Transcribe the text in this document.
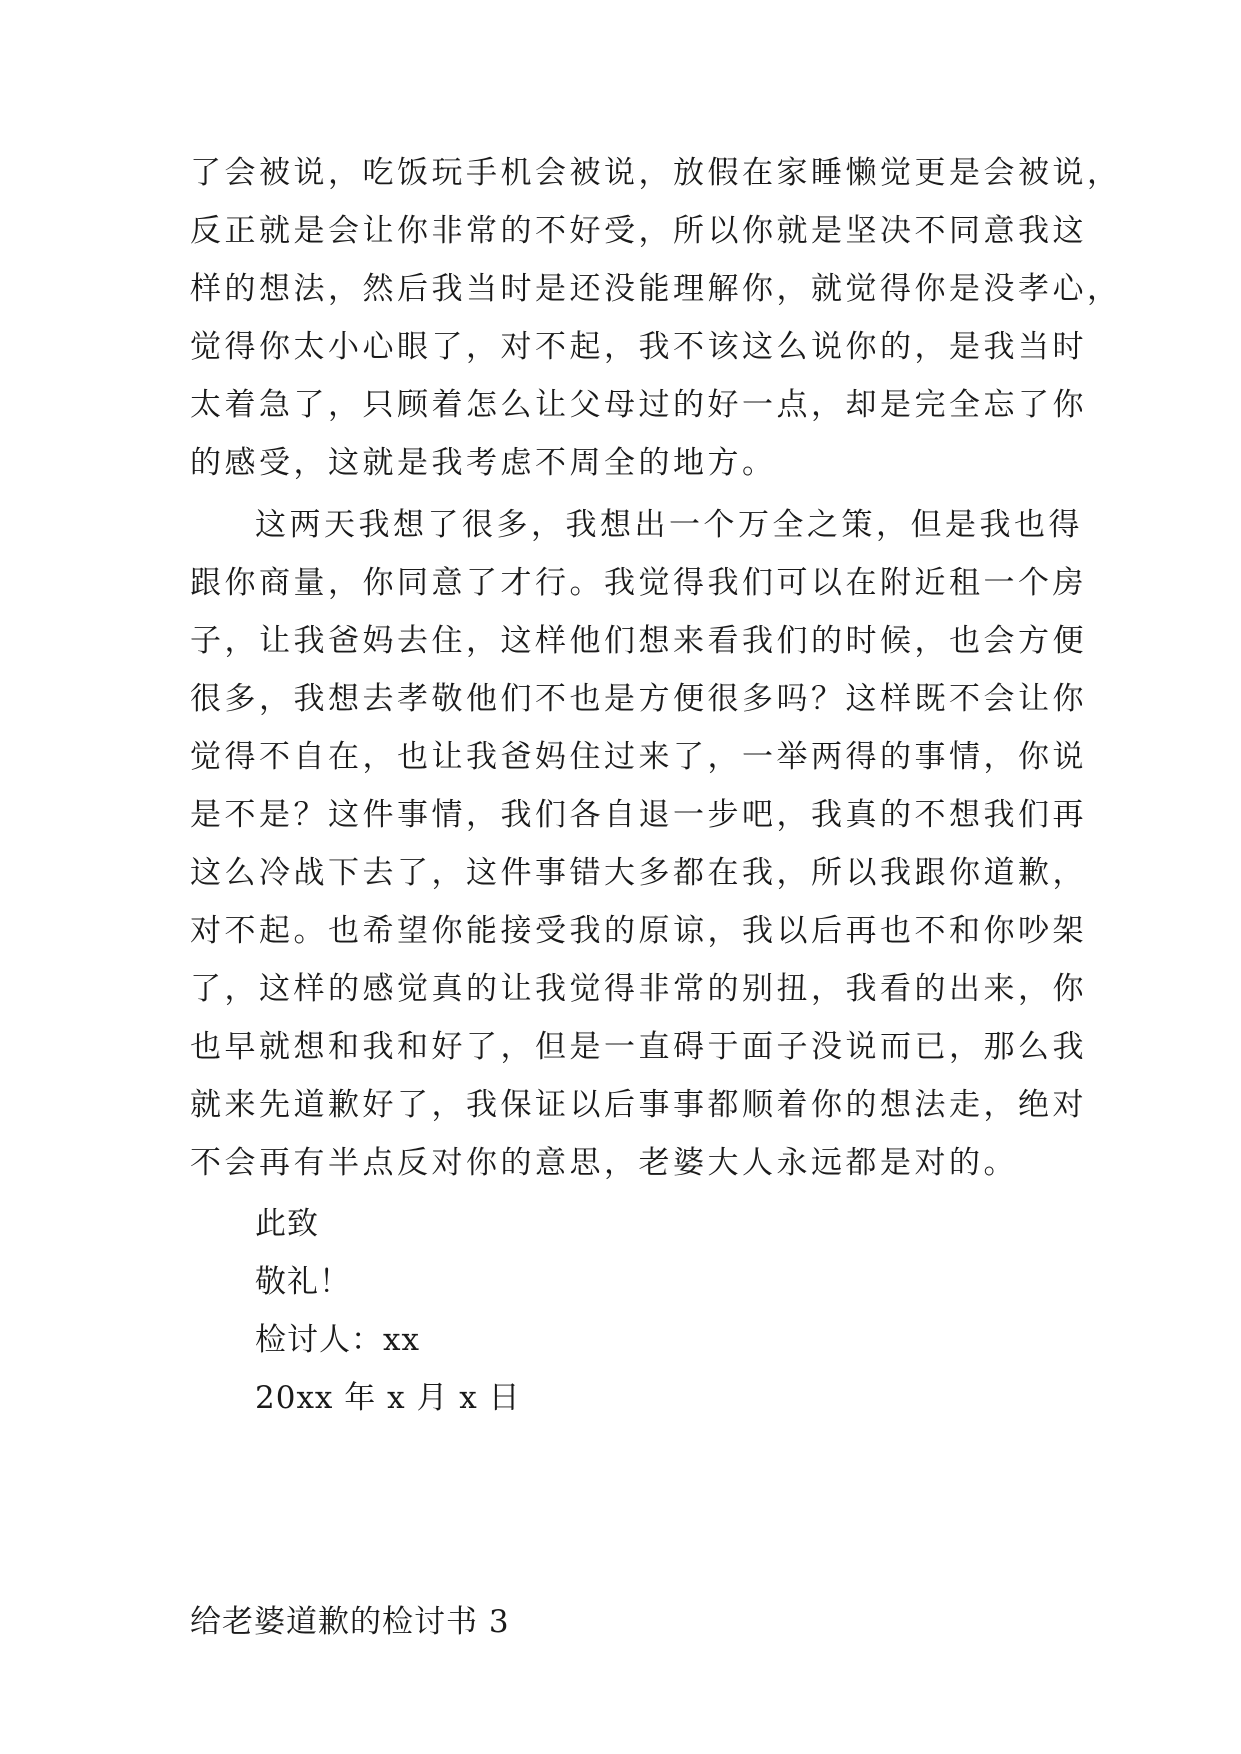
了会被说，吃饭玩手机会被说，放假在家睡懒觉更是会被说，
反正就是会让你非常的不好受，所以你就是坚决不同意我这
样的想法，然后我当时是还没能理解你，就觉得你是没孝心，
觉得你太小心眼了，对不起，我不该这么说你的，是我当时
太着急了，只顾着怎么让父母过的好一点，却是完全忘了你
的感受，这就是我考虑不周全的地方。
这两天我想了很多，我想出一个万全之策，但是我也得
跟你商量，你同意了才行。我觉得我们可以在附近租一个房
子，让我爸妈去住，这样他们想来看我们的时候，也会方便
很多，我想去孝敬他们不也是方便很多吗？这样既不会让你
觉得不自在，也让我爸妈住过来了，一举两得的事情，你说
是不是？这件事情，我们各自退一步吧，我真的不想我们再
这么冷战下去了，这件事错大多都在我，所以我跟你道歉，
对不起。也希望你能接受我的原谅，我以后再也不和你吵架
了，这样的感觉真的让我觉得非常的别扭，我看的出来，你
也早就想和我和好了，但是一直碍于面子没说而已，那么我
就来先道歉好了，我保证以后事事都顺着你的想法走，绝对
不会再有半点反对你的意思，老婆大人永远都是对的。
此致
敬礼！
检讨人：xx
20xx 年 x 月 x 日
给老婆道歉的检讨书 3
